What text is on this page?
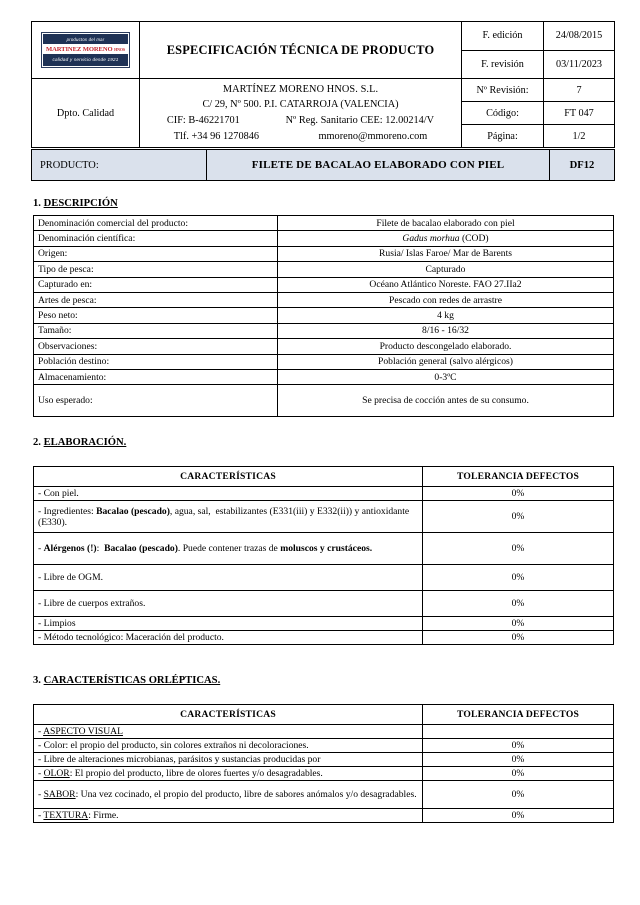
productos del mar
MARTINEZ MORENO HNOS
calidad y servicio desde 1921	ESPECIFICACIÓN TÉCNICA DE PRODUCTO	F. edición	24/08/2015
		F. revisión	03/11/2023
Dpto. Calidad	
MARTÍNEZ MORENO HNOS. S.L.
C/ 29, Nº 500. P.I. CATARROJA (VALENCIA)
CIF: B-46221701	Nº Reg. Sanitario CEE: 12.00214/V
Tlf. +34 96 1270846	mmoreno@mmoreno.com
	Nº Revisión:	7
		Código:	FT 047
		Página:	1/2
PRODUCTO:	FILETE DE BACALAO ELABORADO CON PIEL	DF12
1. DESCRIPCIÓN
Denominación comercial del producto:	Filete de bacalao elaborado con piel
Denominación científica:	Gadus morhua (COD)
Origen:	Rusia/ Islas Faroe/ Mar de Barents
Tipo de pesca:	Capturado
Capturado en:	Océano Atlántico Noreste. FAO 27.IIa2
Artes de pesca:	Pescado con redes de arrastre
Peso neto:	4 kg
Tamaño:	8/16 - 16/32
Observaciones:	Producto descongelado elaborado.
Población destino:	Población general (salvo alérgicos)
Almacenamiento:	0-3ºC
Uso esperado:	Se precisa de cocción antes de su consumo.
2. ELABORACIÓN.
CARACTERÍSTICAS	TOLERANCIA DEFECTOS
- Con piel.	0%
- Ingredientes: Bacalao (pescado), agua, sal,  estabilizantes (E331(iii) y E332(ii)) y antioxidante (E330).	0%
- Alérgenos (!):  Bacalao (pescado). Puede contener trazas de moluscos y crustáceos.	0%
- Libre de OGM.	0%
- Libre de cuerpos extraños.	0%
- Limpios	0%
- Método tecnológico: Maceración del producto.	0%
3. CARACTERÍSTICAS ORLÉPTICAS.
CARACTERÍSTICAS	TOLERANCIA DEFECTOS
- ASPECTO VISUAL	
- Color: el propio del producto, sin colores extraños ni decoloraciones.	0%
- Libre de alteraciones microbianas, parásitos y sustancias producidas por	0%
- OLOR: El propio del producto, libre de olores fuertes y/o desagradables.	0%
- SABOR: Una vez cocinado, el propio del producto, libre de sabores anómalos y/o desagradables.	0%
- TEXTURA: Firme.	0%
